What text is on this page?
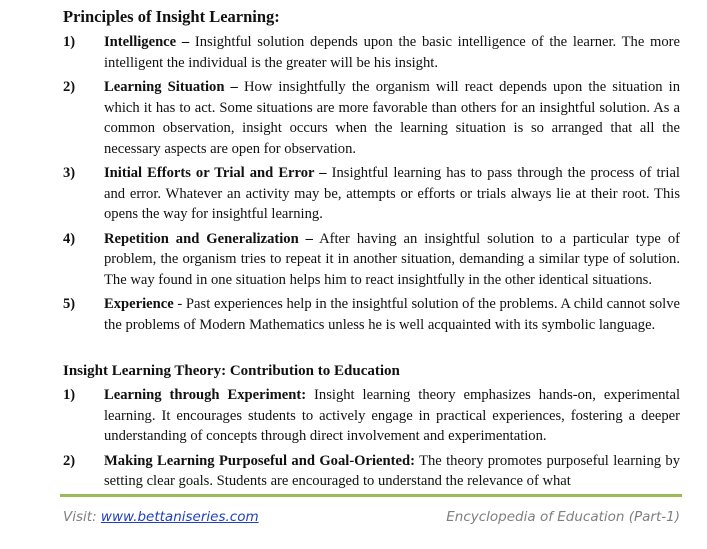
Principles of Insight Learning:
1)	Intelligence – Insightful solution depends upon the basic intelligence of the learner. The more intelligent the individual is the greater will be his insight.
2)	Learning Situation – How insightfully the organism will react depends upon the situation in which it has to act. Some situations are more favorable than others for an insightful solution. As a common observation, insight occurs when the learning situation is so arranged that all the necessary aspects are open for observation.
3)	Initial Efforts or Trial and Error – Insightful learning has to pass through the process of trial and error. Whatever an activity may be, attempts or efforts or trials always lie at their root. This opens the way for insightful learning.
4)	Repetition and Generalization – After having an insightful solution to a particular type of problem, the organism tries to repeat it in another situation, demanding a similar type of solution. The way found in one situation helps him to react insightfully in the other identical situations.
5)	Experience - Past experiences help in the insightful solution of the problems. A child cannot solve the problems of Modern Mathematics unless he is well acquainted with its symbolic language.
Insight Learning Theory: Contribution to Education
1)	Learning through Experiment: Insight learning theory emphasizes hands-on, experimental learning. It encourages students to actively engage in practical experiences, fostering a deeper understanding of concepts through direct involvement and experimentation.
2)	Making Learning Purposeful and Goal-Oriented: The theory promotes purposeful learning by setting clear goals. Students are encouraged to understand the relevance of what
Visit: www.bettaniseries.com	Encyclopedia of Education (Part-1)
